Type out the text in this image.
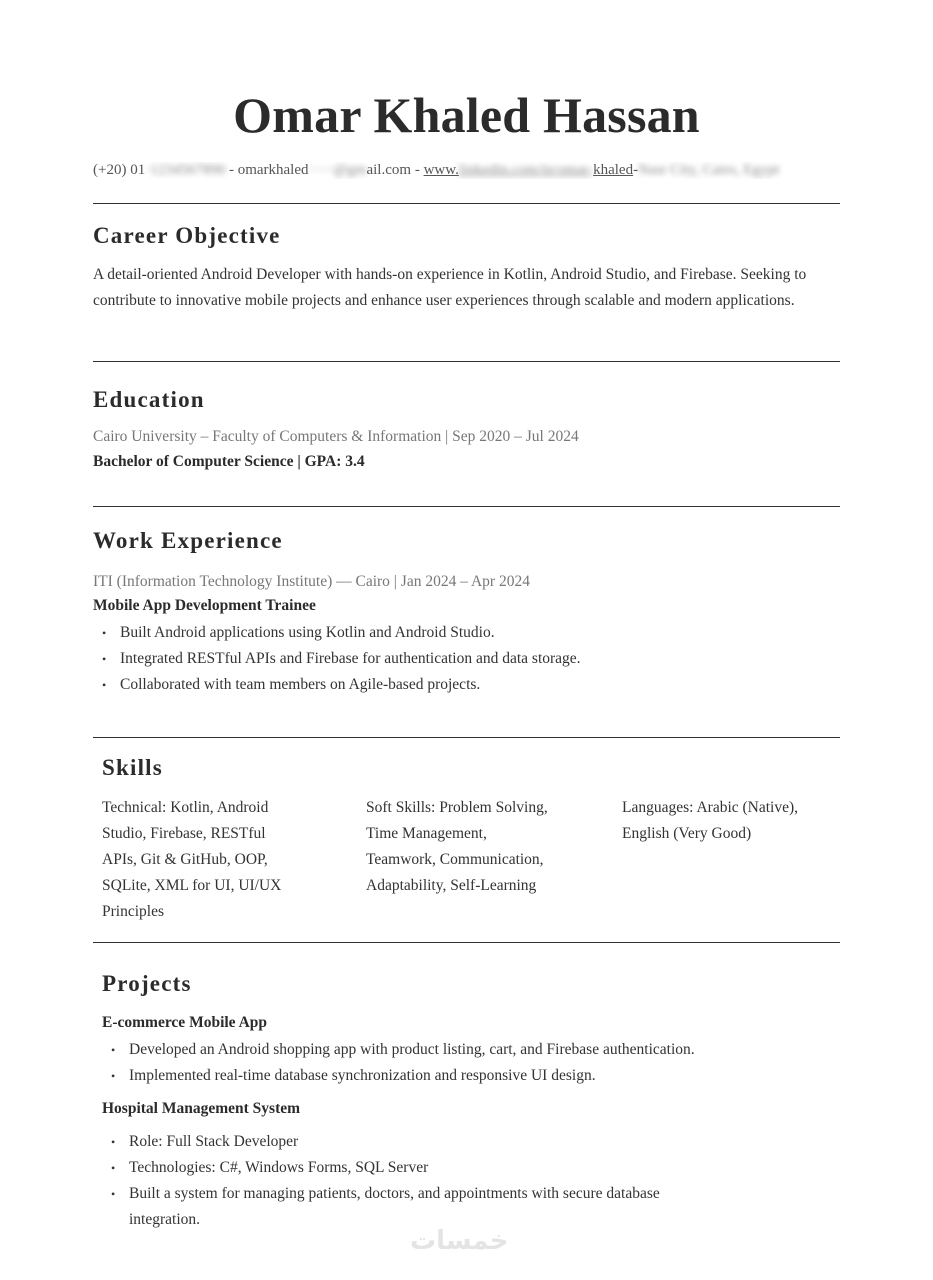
Omar Khaled Hassan
(+20) 01·1234567890 - omarkhaled·····@gmail.com - www.linkedin.com/in/omar-khaled-Nasr City, Cairo, Egypt
Career Objective
A detail-oriented Android Developer with hands-on experience in Kotlin, Android Studio, and Firebase. Seeking to contribute to innovative mobile projects and enhance user experiences through scalable and modern applications.
Education
Cairo University – Faculty of Computers & Information | Sep 2020 – Jul 2024
Bachelor of Computer Science | GPA: 3.4
Work Experience
ITI (Information Technology Institute) — Cairo | Jan 2024 – Apr 2024
Mobile App Development Trainee
• Built Android applications using Kotlin and Android Studio.
• Integrated RESTful APIs and Firebase for authentication and data storage.
• Collaborated with team members on Agile-based projects.
Skills
Technical: Kotlin, Android
Studio, Firebase, RESTful
APIs, Git & GitHub, OOP,
SQLite, XML for UI, UI/UX
Principles
Soft Skills: Problem Solving,
Time Management,
Teamwork, Communication,
Adaptability, Self-Learning
Languages: Arabic (Native),
English (Very Good)
Projects
E-commerce Mobile App
• Developed an Android shopping app with product listing, cart, and Firebase authentication.
• Implemented real-time database synchronization and responsive UI design.
Hospital Management System
• Role: Full Stack Developer
• Technologies: C#, Windows Forms, SQL Server
• Built a system for managing patients, doctors, and appointments with secure database integration.
خمسات
